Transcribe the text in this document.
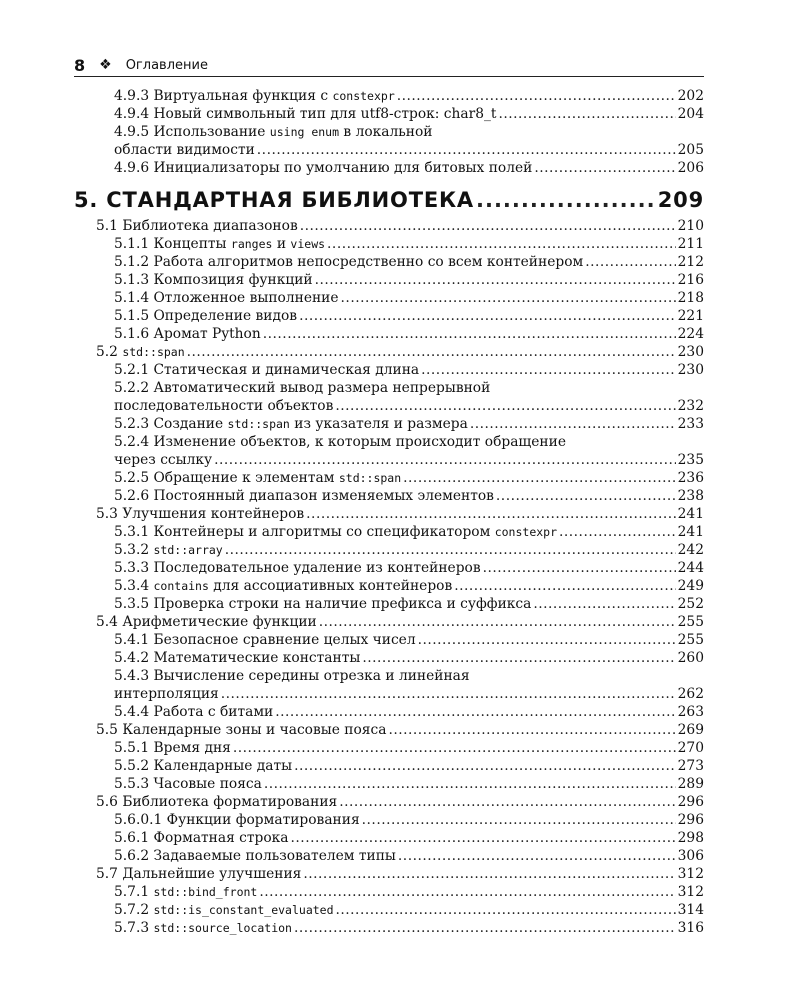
8 ❖ Оглавление
4.9.3 Виртуальная функция с constexpr .....	202
4.9.4 Новый символьный тип для utf8-строк: char8_t .....	204
4.9.5 Использование using enum в локальной
области видимости .....	205
4.9.6 Инициализаторы по умолчанию для битовых полей .....	206
5. СТАНДАРТНАЯ БИБЛИОТЕКА .....	209
5.1 Библиотека диапазонов .....	210
5.1.1 Концепты ranges и views .....	211
5.1.2 Работа алгоритмов непосредственно со всем контейнером .....	212
5.1.3 Композиция функций .....	216
5.1.4 Отложенное выполнение .....	218
5.1.5 Определение видов .....	221
5.1.6 Аромат Python .....	224
5.2 std::span .....	230
5.2.1 Статическая и динамическая длина .....	230
5.2.2 Автоматический вывод размера непрерывной
последовательности объектов .....	232
5.2.3 Создание std::span из указателя и размера .....	233
5.2.4 Изменение объектов, к которым происходит обращение
через ссылку .....	235
5.2.5 Обращение к элементам std::span .....	236
5.2.6 Постоянный диапазон изменяемых элементов .....	238
5.3 Улучшения контейнеров .....	241
5.3.1 Контейнеры и алгоритмы со спецификатором constexpr .....	241
5.3.2 std::array .....	242
5.3.3 Последовательное удаление из контейнеров .....	244
5.3.4 contains для ассоциативных контейнеров .....	249
5.3.5 Проверка строки на наличие префикса и суффикса .....	252
5.4 Арифметические функции .....	255
5.4.1 Безопасное сравнение целых чисел .....	255
5.4.2 Математические константы .....	260
5.4.3 Вычисление середины отрезка и линейная
интерполяция .....	262
5.4.4 Работа с битами .....	263
5.5 Календарные зоны и часовые пояса .....	269
5.5.1 Время дня .....	270
5.5.2 Календарные даты .....	273
5.5.3 Часовые пояса .....	289
5.6 Библиотека форматирования .....	296
5.6.0.1 Функции форматирования .....	296
5.6.1 Форматная строка .....	298
5.6.2 Задаваемые пользователем типы .....	306
5.7 Дальнейшие улучшения .....	312
5.7.1 std::bind_front .....	312
5.7.2 std::is_constant_evaluated .....	314
5.7.3 std::source_location .....	316
